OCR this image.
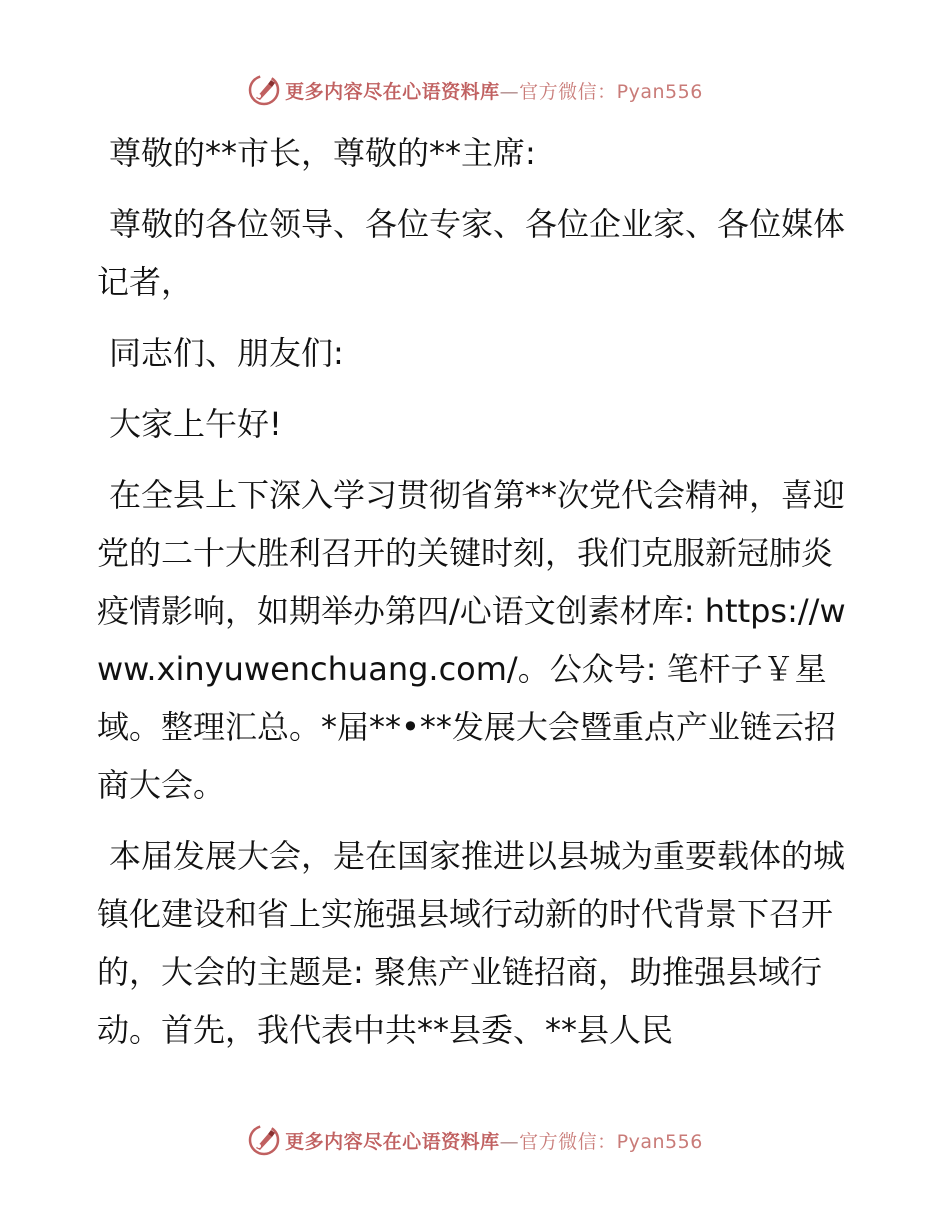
更多内容尽在心语资料库—官方微信：Pyan556

尊敬的**市长，尊敬的**主席:

尊敬的各位领导、各位专家、各位企业家、各位媒体记者，

同志们、朋友们:

大家上午好!

在全县上下深入学习贯彻省第**次党代会精神，喜迎党的二十大胜利召开的关键时刻，我们克服新冠肺炎疫情影响，如期举办第四/心语文创素材库: https://www.xinyuwenchuang.com/。公众号: 笔杆子￥星域。整理汇总。*届**•**发展大会暨重点产业链云招商大会。

本届发展大会，是在国家推进以县城为重要载体的城镇化建设和省上实施强县域行动新的时代背景下召开的，大会的主题是: 聚焦产业链招商，助推强县域行动。首先，我代表中共**县委、**县人民

更多内容尽在心语资料库—官方微信：Pyan556
